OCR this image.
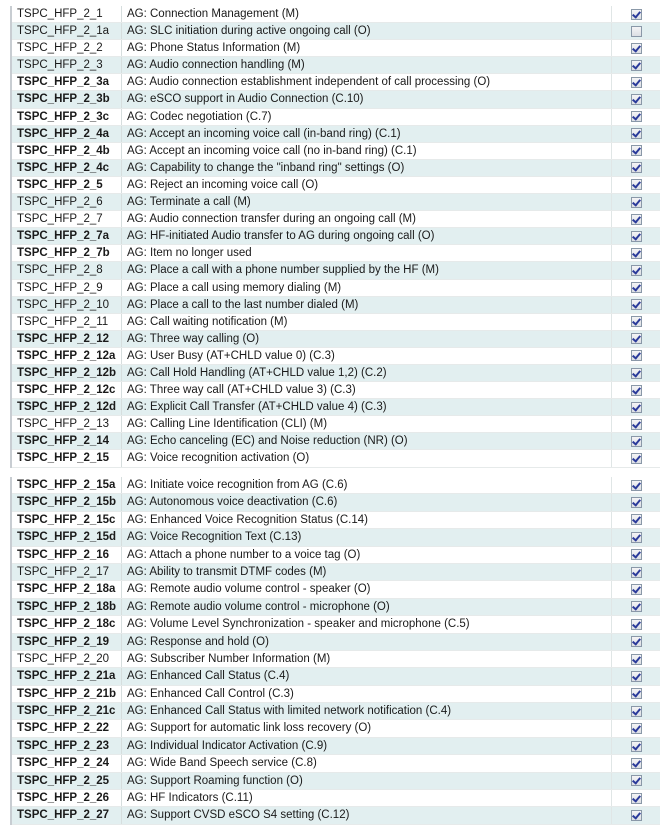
TSPC_HFP_2_1	AG: Connection Management (M)
TSPC_HFP_2_1a	AG: SLC initiation during active ongoing call (O)
TSPC_HFP_2_2	AG: Phone Status Information (M)
TSPC_HFP_2_3	AG: Audio connection handling (M)
TSPC_HFP_2_3a	AG: Audio connection establishment independent of call processing (O)
TSPC_HFP_2_3b	AG: eSCO support in Audio Connection (C.10)
TSPC_HFP_2_3c	AG: Codec negotiation (C.7)
TSPC_HFP_2_4a	AG: Accept an incoming voice call (in-band ring) (C.1)
TSPC_HFP_2_4b	AG: Accept an incoming voice call (no in-band ring) (C.1)
TSPC_HFP_2_4c	AG: Capability to change the "inband ring" settings (O)
TSPC_HFP_2_5	AG: Reject an incoming voice call (O)
TSPC_HFP_2_6	AG: Terminate a call (M)
TSPC_HFP_2_7	AG: Audio connection transfer during an ongoing call (M)
TSPC_HFP_2_7a	AG: HF-initiated Audio transfer to AG during ongoing call (O)
TSPC_HFP_2_7b	AG: Item no longer used
TSPC_HFP_2_8	AG: Place a call with a phone number supplied by the HF (M)
TSPC_HFP_2_9	AG: Place a call using memory dialing (M)
TSPC_HFP_2_10	AG: Place a call to the last number dialed (M)
TSPC_HFP_2_11	AG: Call waiting notification (M)
TSPC_HFP_2_12	AG: Three way calling (O)
TSPC_HFP_2_12a	AG: User Busy (AT+CHLD value 0) (C.3)
TSPC_HFP_2_12b AG: Call Hold Handling (AT+CHLD value 1,2) (C.2)
TSPC_HFP_2_12c	AG: Three way call (AT+CHLD value 3) (C.3)
TSPC_HFP_2_12d AG: Explicit Call Transfer (AT+CHLD value 4) (C.3)
TSPC_HFP_2_13	AG: Calling Line Identification (CLI) (M)
TSPC_HFP_2_14	AG: Echo canceling (EC) and Noise reduction (NR) (O)
TSPC_HFP_2_15	AG: Voice recognition activation (O)
TSPC_HFP_2_15a	AG: Initiate voice recognition from AG (C.6)
TSPC_HFP_2_15b AG: Autonomous voice deactivation (C.6)
TSPC_HFP_2_15c	AG: Enhanced Voice Recognition Status (C.14)
TSPC_HFP_2_15d AG: Voice Recognition Text (C.13)
TSPC_HFP_2_16	AG: Attach a phone number to a voice tag (O)
TSPC_HFP_2_17	AG: Ability to transmit DTMF codes (M)
TSPC_HFP_2_18a	AG: Remote audio volume control - speaker (O)
TSPC_HFP_2_18b AG: Remote audio volume control - microphone (O)
TSPC_HFP_2_18c	AG: Volume Level Synchronization - speaker and microphone (C.5)
TSPC_HFP_2_19	AG: Response and hold (O)
TSPC_HFP_2_20	AG: Subscriber Number Information (M)
TSPC_HFP_2_21a	AG: Enhanced Call Status (C.4)
TSPC_HFP_2_21b AG: Enhanced Call Control (C.3)
TSPC_HFP_2_21c	AG: Enhanced Call Status with limited network notification (C.4)
TSPC_HFP_2_22	AG: Support for automatic link loss recovery (O)
TSPC_HFP_2_23	AG: Individual Indicator Activation (C.9)
TSPC_HFP_2_24	AG: Wide Band Speech service (C.8)
TSPC_HFP_2_25	AG: Support Roaming function (O)
TSPC_HFP_2_26	AG: HF Indicators (C.11)
TSPC_HFP_2_27	AG: Support CVSD eSCO S4 setting (C.12)
